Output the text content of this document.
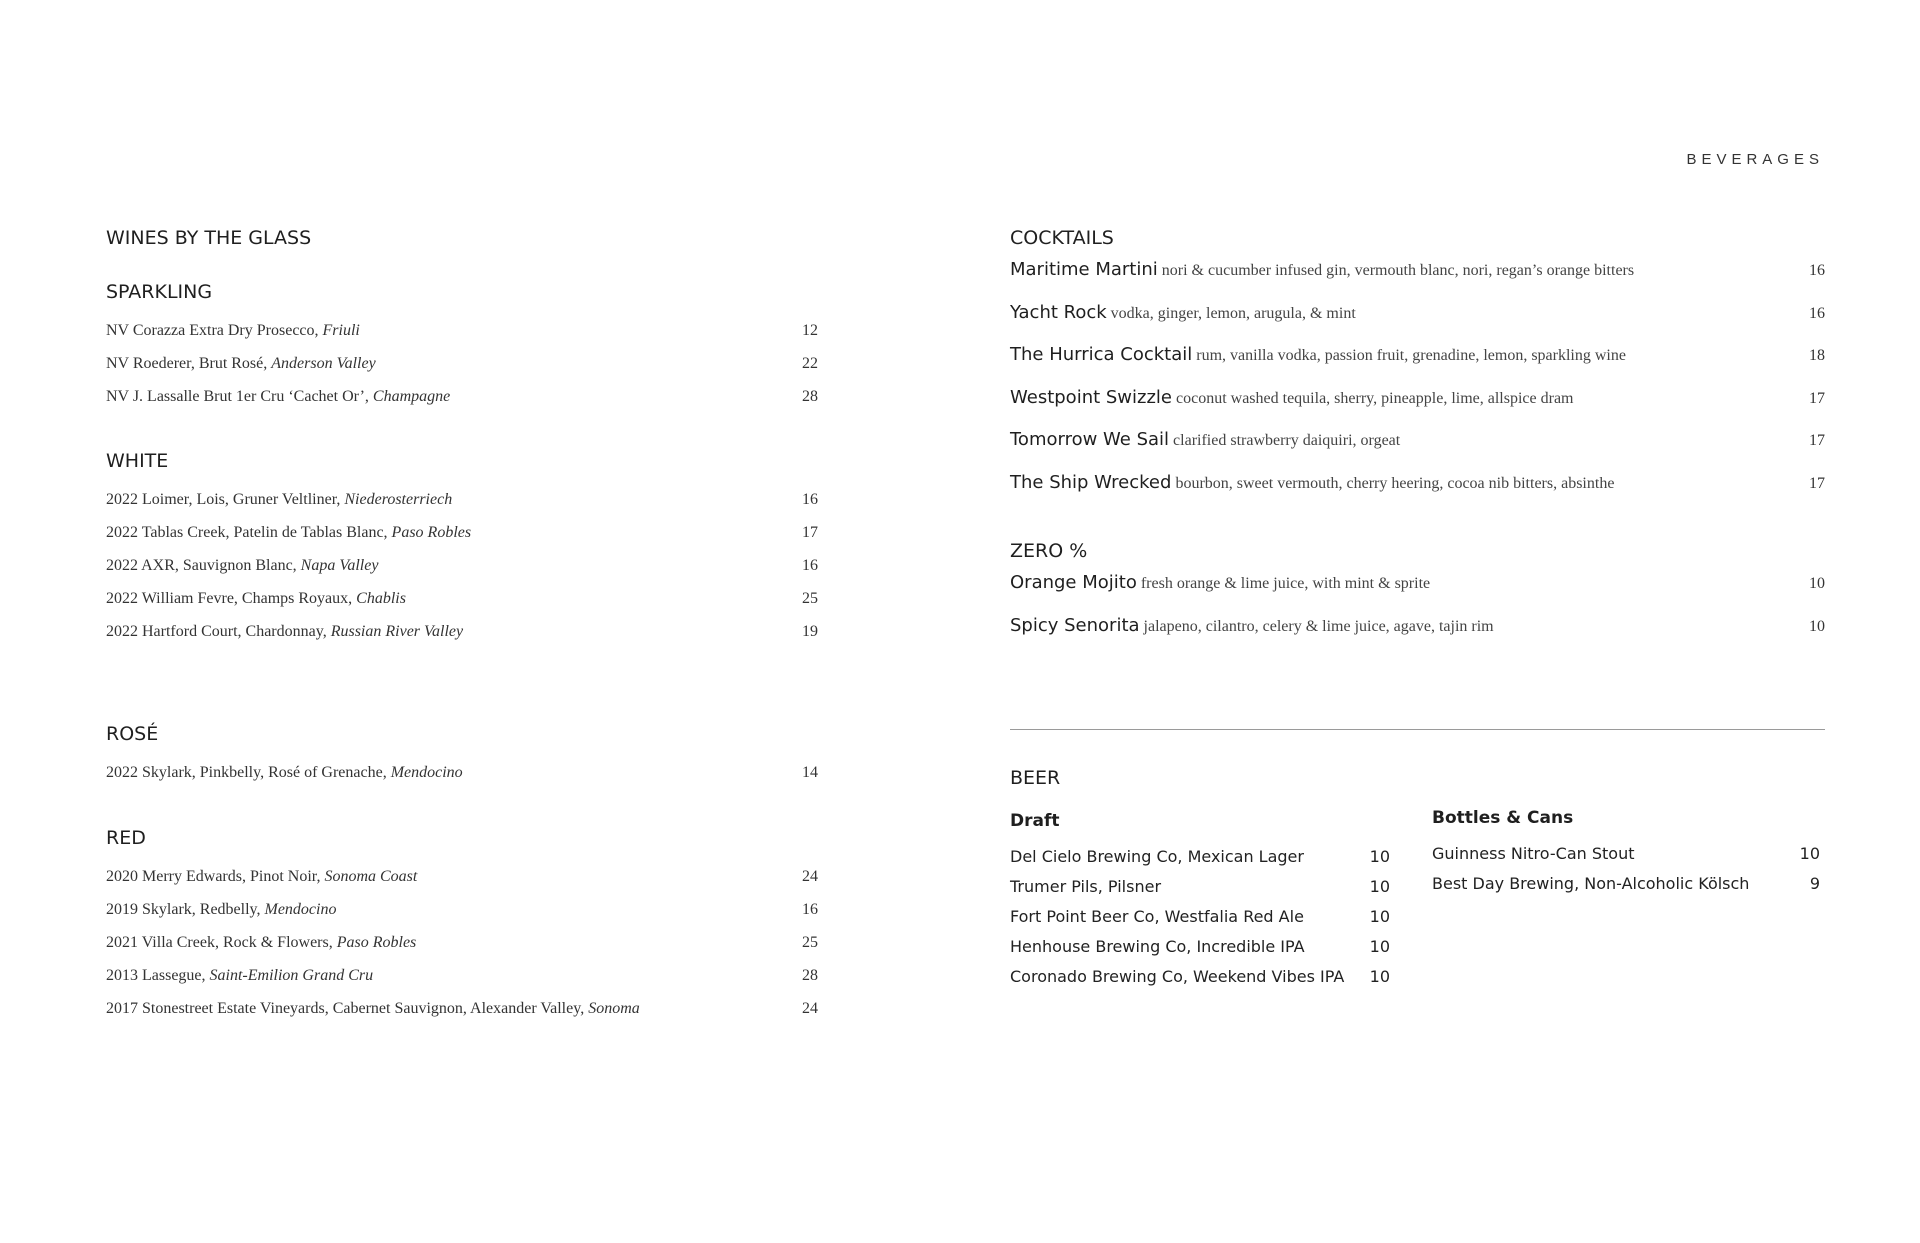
BEVERAGES
WINES BY THE GLASS
SPARKLING
NV Corazza Extra Dry Prosecco, Friuli	12
NV Roederer, Brut Rosé, Anderson Valley	22
NV J. Lassalle Brut 1er Cru ‘Cachet Or’, Champagne	28
WHITE
2022 Loimer, Lois, Gruner Veltliner, Niederosterriech	16
2022 Tablas Creek, Patelin de Tablas Blanc, Paso Robles	17
2022 AXR, Sauvignon Blanc, Napa Valley	16
2022 William Fevre, Champs Royaux, Chablis	25
2022 Hartford Court, Chardonnay, Russian River Valley	19
ROSÉ
2022 Skylark, Pinkbelly, Rosé of Grenache, Mendocino	14
RED
2020 Merry Edwards, Pinot Noir, Sonoma Coast	24
2019 Skylark, Redbelly, Mendocino	16
2021 Villa Creek, Rock & Flowers, Paso Robles	25
2013 Lassegue, Saint-Emilion Grand Cru	28
2017 Stonestreet Estate Vineyards, Cabernet Sauvignon, Alexander Valley, Sonoma	24
COCKTAILS
Maritime Martini nori & cucumber infused gin, vermouth blanc, nori, regan’s orange bitters	16
Yacht Rock vodka, ginger, lemon, arugula, & mint	16
The Hurrica Cocktail rum, vanilla vodka, passion fruit, grenadine, lemon, sparkling wine	18
Westpoint Swizzle coconut washed tequila, sherry, pineapple, lime, allspice dram	17
Tomorrow We Sail clarified strawberry daiquiri, orgeat	17
The Ship Wrecked bourbon, sweet vermouth, cherry heering, cocoa nib bitters, absinthe	17
ZERO %
Orange Mojito fresh orange & lime juice, with mint & sprite	10
Spicy Senorita jalapeno, cilantro, celery & lime juice, agave, tajin rim	10
BEER
Draft
Del Cielo Brewing Co, Mexican Lager	10
Trumer Pils, Pilsner	10
Fort Point Beer Co, Westfalia Red Ale	10
Henhouse Brewing Co, Incredible IPA	10
Coronado Brewing Co, Weekend Vibes IPA	10
Bottles & Cans
Guinness Nitro-Can Stout	10
Best Day Brewing, Non-Alcoholic Kölsch	9
